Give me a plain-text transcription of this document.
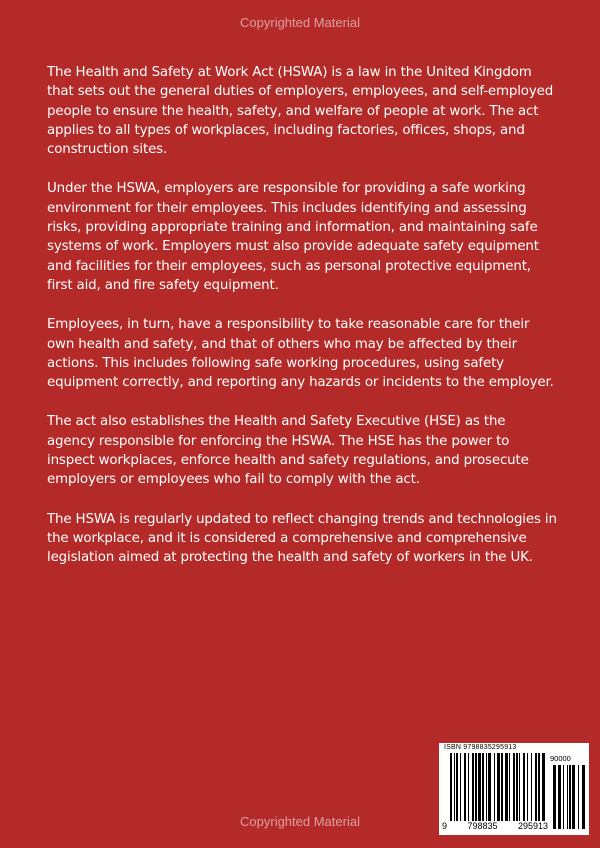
Copyrighted Material

The Health and Safety at Work Act (HSWA) is a law in the United Kingdom that sets out the general duties of employers, employees, and self-employed people to ensure the health, safety, and welfare of people at work. The act applies to all types of workplaces, including factories, offices, shops, and construction sites.

Under the HSWA, employers are responsible for providing a safe working environment for their employees. This includes identifying and assessing risks, providing appropriate training and information, and maintaining safe systems of work. Employers must also provide adequate safety equipment and facilities for their employees, such as personal protective equipment, first aid, and fire safety equipment.

Employees, in turn, have a responsibility to take reasonable care for their own health and safety, and that of others who may be affected by their actions. This includes following safe working procedures, using safety equipment correctly, and reporting any hazards or incidents to the employer.

The act also establishes the Health and Safety Executive (HSE) as the agency responsible for enforcing the HSWA. The HSE has the power to inspect workplaces, enforce health and safety regulations, and prosecute employers or employees who fail to comply with the act.

The HSWA is regularly updated to reflect changing trends and technologies in the workplace, and it is considered a comprehensive and comprehensive legislation aimed at protecting the health and safety of workers in the UK.

ISBN 9798835295913
90000
9 798835 295913
Copyrighted Material
